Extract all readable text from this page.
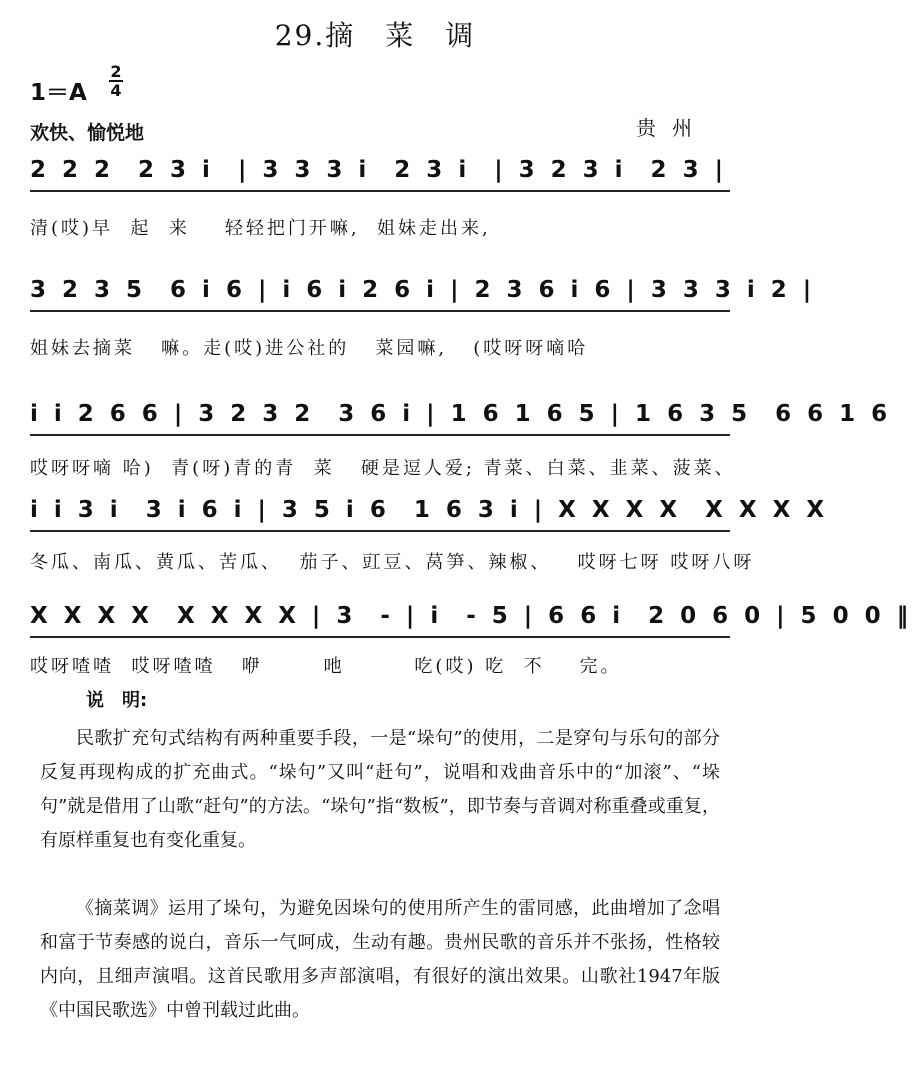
29.摘　菜　调
1＝A
2
4
欢快、愉悦地	贵州
2 2 2  2 3 i  | 3 3 3 i  2 3 i  | 3 2 3 i  2 3 |
清(哎)早  起  来    轻轻把门开嘛,  姐妹走出来,
3 2 3 5  6 i 6 | i 6 i 2 6 i | 2 3 6 i 6 | 3 3 3 i 2 |
姐妹去摘菜   嘛。走(哎)进公社的   菜园嘛,   (哎呀呀嘀哈
i i 2 6 6 | 3 2 3 2  3 6 i | 1 6 1 6 5 | 1 6 3 5  6 6 1 6
哎呀呀嘀 哈)  青(呀)青的青  菜   硬是逗人爱; 青菜、白菜、韭菜、菠菜、
i i 3 i  3 i 6 i | 3 5 i 6  1 6 3 i | X X X X  X X X X
冬瓜、南瓜、黄瓜、苦瓜、  茄子、豇豆、莴笋、辣椒、   哎呀七呀 哎呀八呀
X X X X  X X X X | 3  - | i  - 5 | 6 6 i  2 0 6 0 | 5 0 0 ‖
哎呀喳喳  哎呀喳喳   咿       吔        吃(哎) 吃  不    完。
说　明:
民歌扩充句式结构有两种重要手段，一是“垛句”的使用，二是穿句与乐句的部分反复再现构成的扩充曲式。“垛句”又叫“赶句”，说唱和戏曲音乐中的“加滚”、“垛句”就是借用了山歌“赶句”的方法。“垛句”指“数板”，即节奏与音调对称重叠或重复，有原样重复也有变化重复。
《摘菜调》运用了垛句，为避免因垛句的使用所产生的雷同感，此曲增加了念唱和富于节奏感的说白，音乐一气呵成，生动有趣。贵州民歌的音乐并不张扬，性格较内向，且细声演唱。这首民歌用多声部演唱，有很好的演出效果。山歌社1947年版《中国民歌选》中曾刊载过此曲。
